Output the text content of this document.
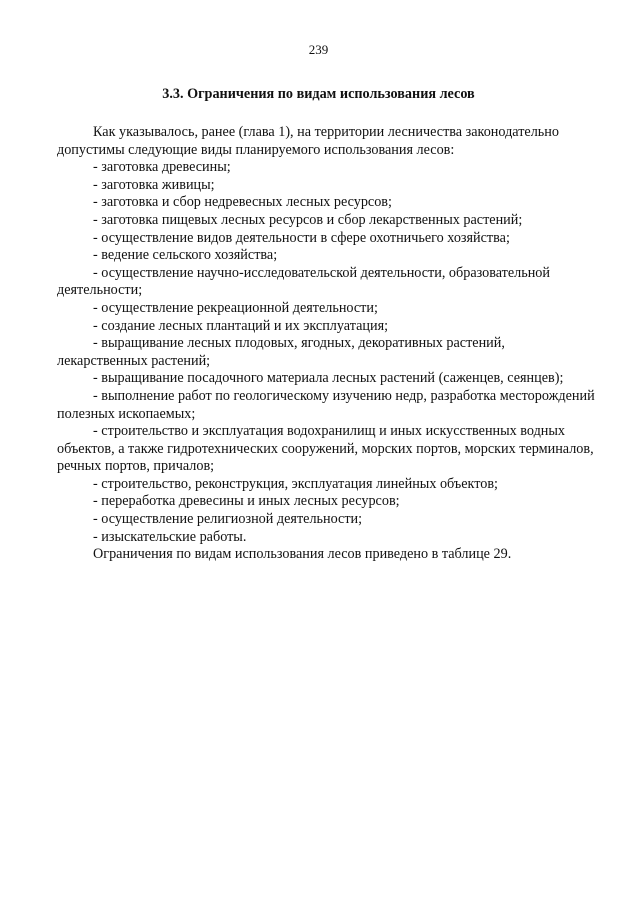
239
3.3. Ограничения по видам использования лесов

Как указывалось, ранее (глава 1), на территории лесничества законодательно допустимы следующие виды планируемого использования лесов:

- заготовка древесины;

- заготовка живицы;

- заготовка и сбор недревесных лесных ресурсов;

- заготовка пищевых лесных ресурсов и сбор лекарственных растений;

- осуществление видов деятельности в сфере охотничьего хозяйства;

- ведение сельского хозяйства;

- осуществление научно-исследовательской деятельности, образовательной деятельности;

- осуществление рекреационной деятельности;

- создание лесных плантаций и их эксплуатация;

- выращивание лесных плодовых, ягодных, декоративных растений, лекарственных растений;

- выращивание посадочного материала лесных растений (саженцев, сеянцев);

- выполнение работ по геологическому изучению недр, разработка месторождений полезных ископаемых;

- строительство и эксплуатация водохранилищ и иных искусственных водных объектов, а также гидротехнических сооружений, морских портов, морских терминалов, речных портов, причалов;

- строительство, реконструкция, эксплуатация линейных объектов;

- переработка древесины и иных лесных ресурсов;

- осуществление религиозной деятельности;

- изыскательские работы.

Ограничения по видам использования лесов приведено в таблице 29.
